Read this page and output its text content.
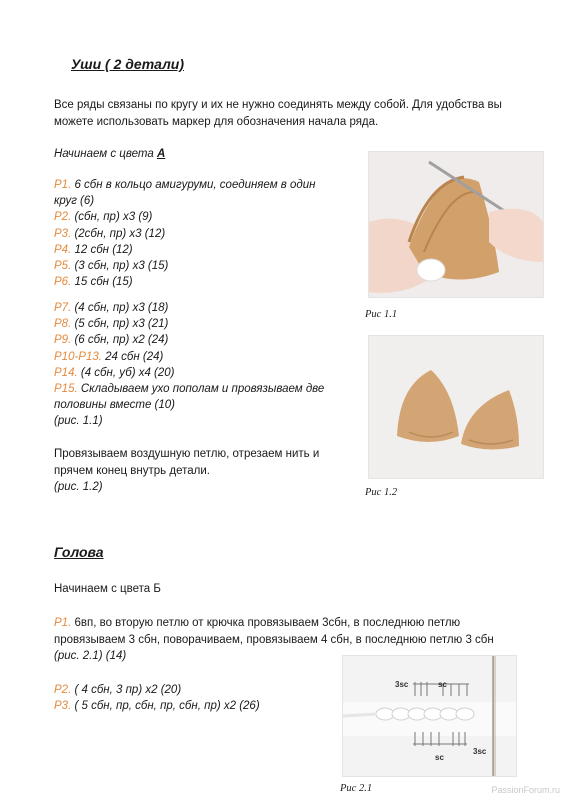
Уши ( 2 детали)
Все ряды связаны по кругу и их не нужно соединять между собой. Для удобства вы можете использовать маркер для обозначения начала ряда.
Начинаем с цвета А
Р1. 6 сбн в кольцо амигуруми, соединяем в один
круг (6)
Р2. (сбн, пр) х3 (9)
Р3. (2сбн, пр) х3 (12)
Р4. 12 сбн (12)
Р5. (3 сбн, пр) х3 (15)
Р6. 15 сбн (15)
Р7. (4 сбн, пр) х3 (18)
Р8. (5 сбн, пр) х3 (21)
Р9. (6 сбн, пр) х2 (24)
Р10-Р13. 24 сбн (24)
Р14. (4 сбн, уб) х4 (20)
Р15. Складываем ухо пополам и провязываем две
половины вместе (10)
(рис. 1.1)
Провязываем воздушную петлю, отрезаем нить и
прячем конец внутрь детали.
(рис. 1.2)
Рис 1.1
Рис 1.2
Голова
Начинаем с цвета Б
Р1. 6вп, во вторую петлю от крючка провязываем 3сбн, в последнюю петлю провязываем 3 сбн, поворачиваем, провязываем 4 сбн, в последнюю петлю 3 сбн (рис. 2.1) (14)
Р2. ( 4 сбн, 3 пр) х2 (20)
Р3. ( 5 сбн, пр, сбн, пр, сбн, пр) х2 (26)
3sc	sc
sc
3sc
Рис 2.1	PassionForum.ru
